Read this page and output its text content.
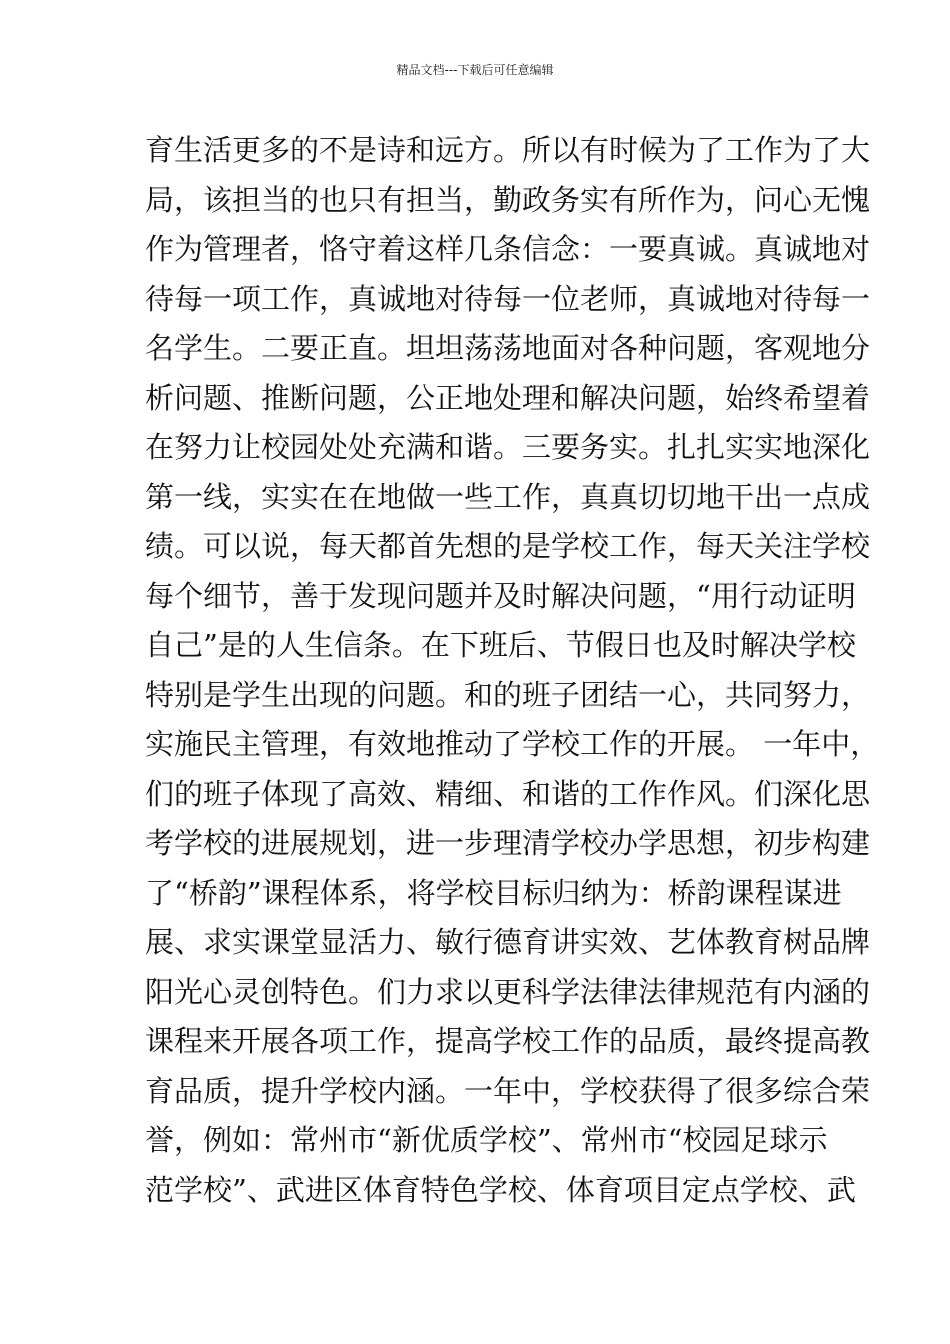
精品文档---下载后可任意编辑
育生活更多的不是诗和远方。所以有时候为了工作为了大
局，该担当的也只有担当，勤政务实有所作为，问心无愧
作为管理者，恪守着这样几条信念：一要真诚。真诚地对
待每一项工作，真诚地对待每一位老师，真诚地对待每一
名学生。二要正直。坦坦荡荡地面对各种问题，客观地分
析问题、推断问题，公正地处理和解决问题，始终希望着
在努力让校园处处充满和谐。三要务实。扎扎实实地深化
第一线，实实在在地做一些工作，真真切切地干出一点成
绩。可以说，每天都首先想的是学校工作，每天关注学校
每个细节，善于发现问题并及时解决问题，“用行动证明
自己”是的人生信条。在下班后、节假日也及时解决学校
特别是学生出现的问题。和的班子团结一心，共同努力，
实施民主管理，有效地推动了学校工作的开展。 一年中，
们的班子体现了高效、精细、和谐的工作作风。们深化思
考学校的进展规划，进一步理清学校办学思想，初步构建
了“桥韵”课程体系，将学校目标归纳为：桥韵课程谋进
展、求实课堂显活力、敏行德育讲实效、艺体教育树品牌
阳光心灵创特色。们力求以更科学法律法律规范有内涵的
课程来开展各项工作，提高学校工作的品质，最终提高教
育品质，提升学校内涵。一年中，学校获得了很多综合荣
誉，例如：常州市“新优质学校”、常州市“校园足球示
范学校”、武进区体育特色学校、体育项目定点学校、武
